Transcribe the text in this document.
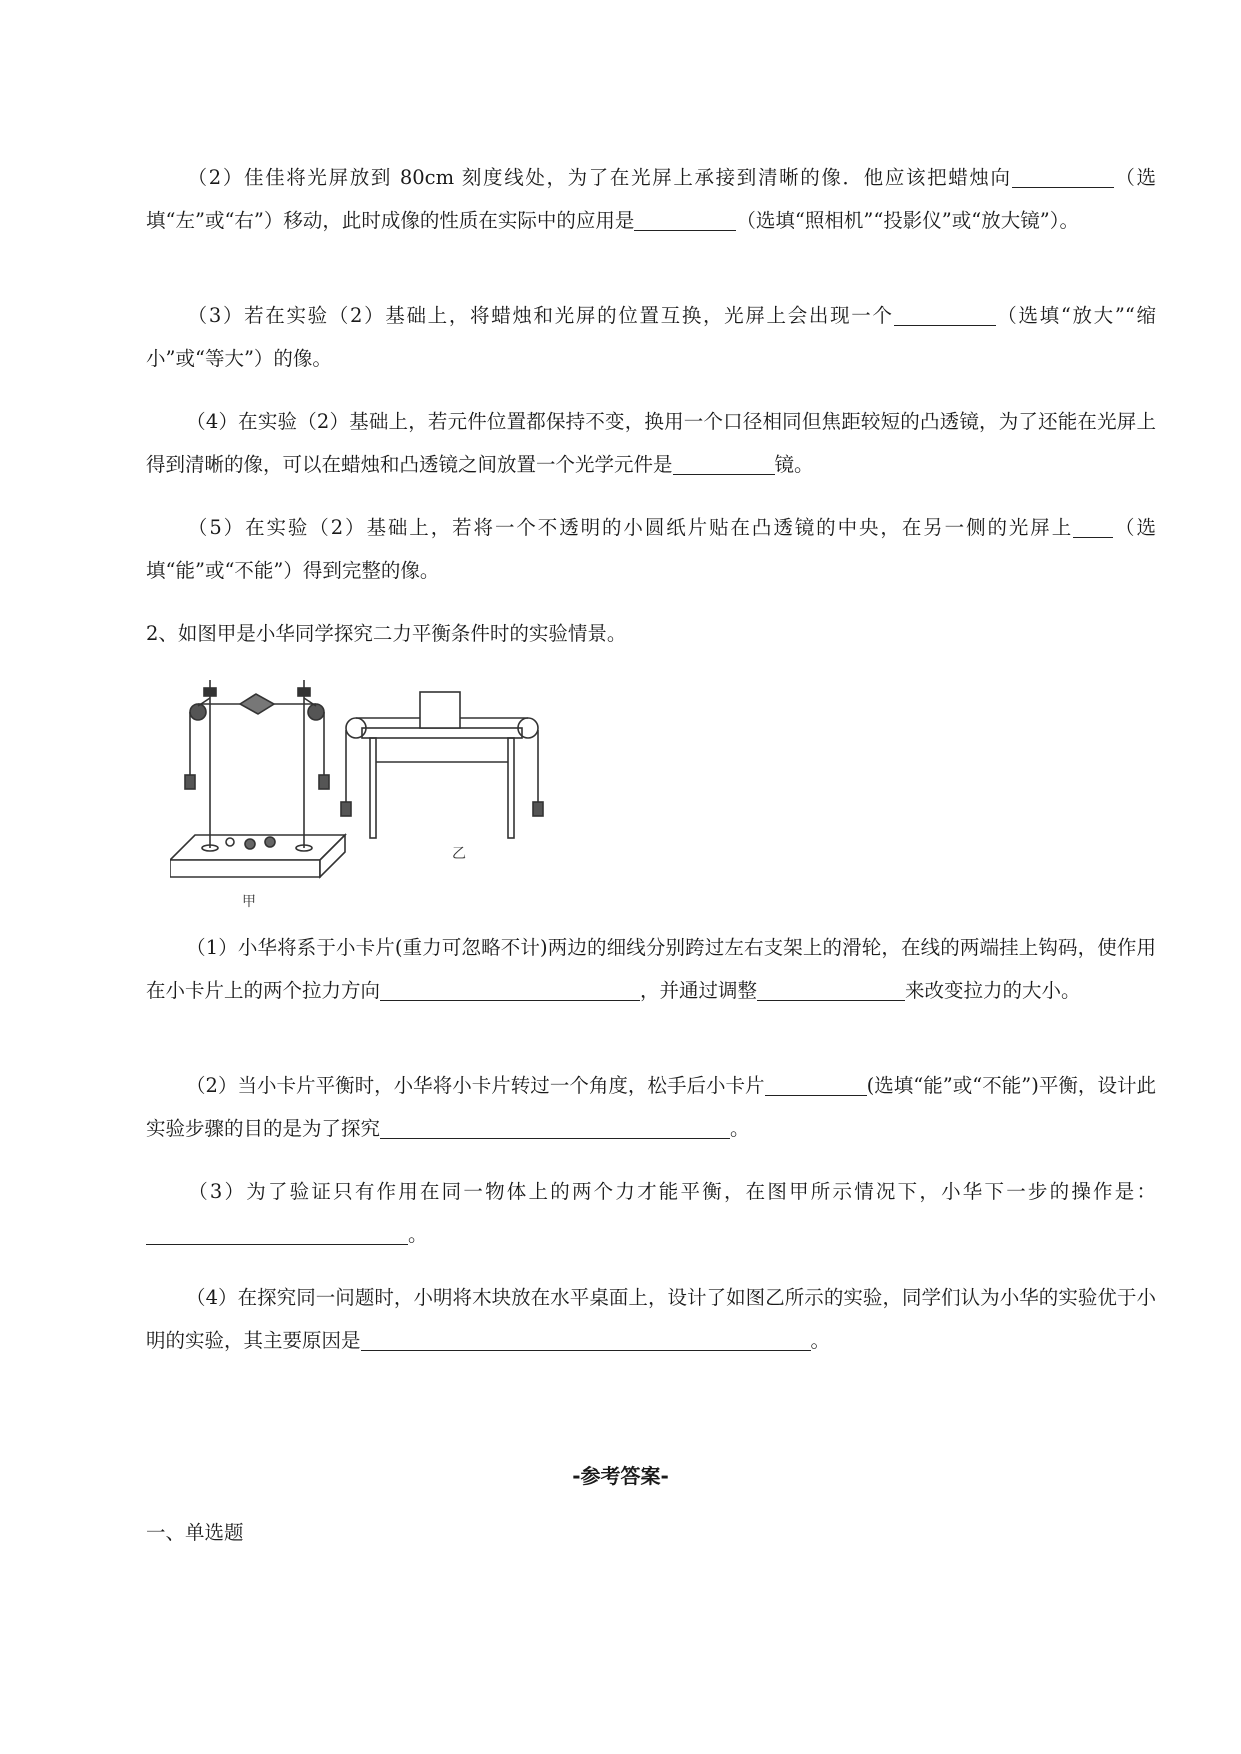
（2）佳佳将光屏放到 80cm 刻度线处，为了在光屏上承接到清晰的像．他应该把蜡烛向	（选填“左”或“右”）移动，此时成像的性质在实际中的应用是	（选填“照相机”“投影仪”或“放大镜”）。

（3）若在实验（2）基础上，将蜡烛和光屏的位置互换，光屏上会出现一个	（选填“放大”“缩小”或“等大”）的像。

（4）在实验（2）基础上，若元件位置都保持不变，换用一个口径相同但焦距较短的凸透镜，为了还能在光屏上得到清晰的像，可以在蜡烛和凸透镜之间放置一个光学元件是	镜。

（5）在实验（2）基础上，若将一个不透明的小圆纸片贴在凸透镜的中央，在另一侧的光屏上 （选填“能”或“不能”）得到完整的像。

2、如图甲是小华同学探究二力平衡条件时的实验情景。

甲
乙

（1）小华将系于小卡片(重力可忽略不计)两边的细线分别跨过左右支架上的滑轮，在线的两端挂上钩码，使作用在小卡片上的两个拉力方向	，并通过调整	来改变拉力的大小。

（2）当小卡片平衡时，小华将小卡片转过一个角度，松手后小卡片	(选填“能”或“不能”)平衡，设计此实验步骤的目的是为了探究	。

（3）为了验证只有作用在同一物体上的两个力才能平衡，在图甲所示情况下，小华下一步的操作是：。

（4）在探究同一问题时，小明将木块放在水平桌面上，设计了如图乙所示的实验，同学们认为小华的实验优于小明的实验，其主要原因是	。

-参考答案-
一、单选题
